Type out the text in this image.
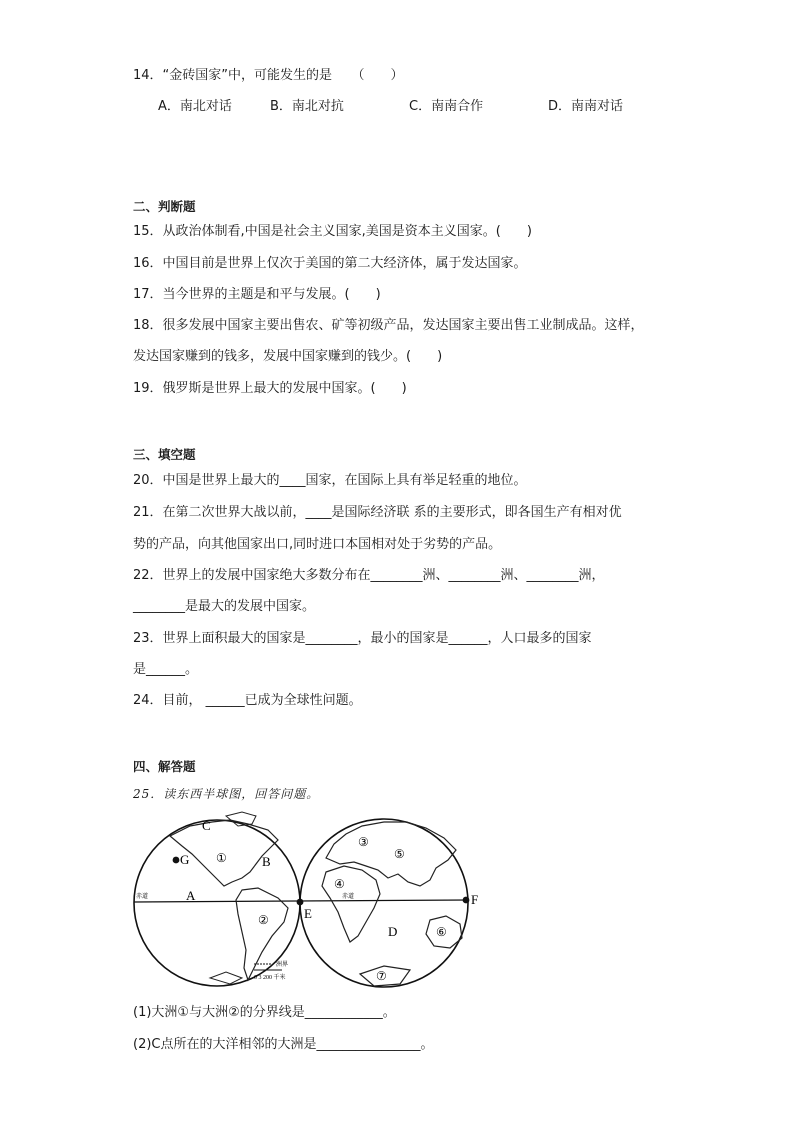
14．“金砖国家”中，可能发生的是　　（　　）
A．南北对话	B．南北对抗	C．南南合作	D．南南对话
二、判断题
15．从政治体制看,中国是社会主义国家,美国是资本主义国家。(　　)
16．中国目前是世界上仅次于美国的第二大经济体，属于发达国家。
17．当今世界的主题是和平与发展。(　　)
18．很多发展中国家主要出售农、矿等初级产品，发达国家主要出售工业制成品。这样，
发达国家赚到的钱多，发展中国家赚到的钱少。(　　)
19．俄罗斯是世界上最大的发展中国家。(　　)
三、填空题
20．中国是世界上最大的____国家，在国际上具有举足轻重的地位。
21．在第二次世界大战以前，____是国际经济联 系的主要形式，即各国生产有相对优
势的产品，向其他国家出口,同时进口本国相对处于劣势的产品。
22．世界上的发展中国家绝大多数分布在________洲、________洲、________洲，
________是最大的发展中国家。
23．世界上面积最大的国家是________，最小的国家是______，人口最多的国家
是______。
24．目前， ______已成为全球性问题。
四、解答题
25．读东西半球图，回答问题。
C
G	B
A
E
F
D
①
②
③
④
⑤
⑥
⑦
赤道	赤道
洲界
0 3 200 千米
(1)大洲①与大洲②的分界线是____________。
(2)C点所在的大洋相邻的大洲是________________。
